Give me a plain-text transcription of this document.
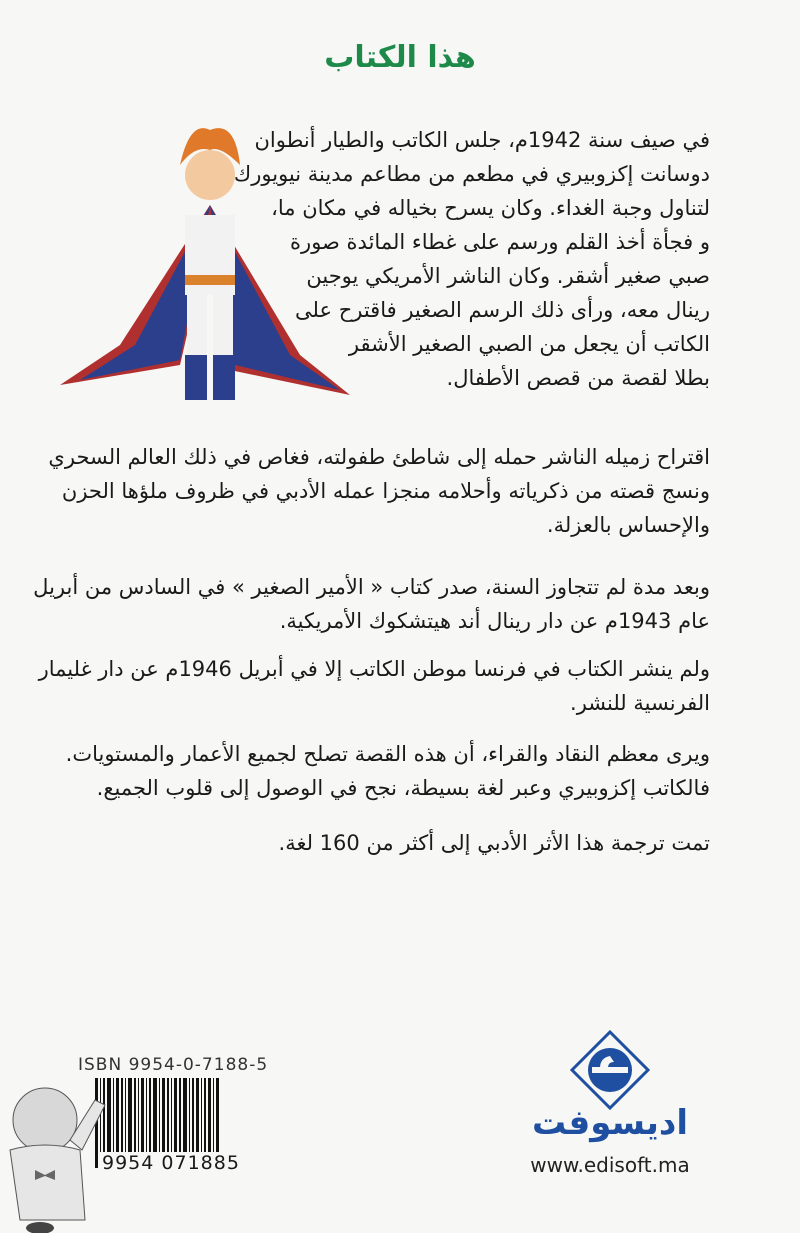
هذا الكتاب
في صيف سنة 1942م، جلس الكاتب والطيار أنطوان
دوسانت إكزوبيري في مطعم من مطاعم مدينة نيويورك
لتناول وجبة الغداء. وكان يسرح بخياله في مكان ما،
و فجأة أخذ القلم ورسم على غطاء المائدة صورة
صبي صغير أشقر. وكان الناشر الأمريكي يوجين
رينال معه، ورأى ذلك الرسم الصغير فاقترح على
الكاتب أن يجعل من الصبي الصغير الأشقر
بطلا لقصة من قصص الأطفال.
اقتراح زميله الناشر حمله إلى شاطئ طفولته، فغاص في ذلك العالم السحري
ونسج قصته من ذكرياته وأحلامه منجزا عمله الأدبي في ظروف ملؤها الحزن
والإحساس بالعزلة.
وبعد مدة لم تتجاوز السنة، صدر كتاب « الأمير الصغير » في السادس من أبريل
عام 1943م عن دار رينال أند هيتشكوك الأمريكية.
ولم ينشر الكتاب في فرنسا موطن الكاتب إلا في أبريل 1946م عن دار غليمار
الفرنسية للنشر.
ويرى معظم النقاد والقراء، أن هذه القصة تصلح لجميع الأعمار والمستويات.
فالكاتب إكزوبيري وعبر لغة بسيطة، نجح في الوصول إلى قلوب الجميع.
تمت ترجمة هذا الأثر الأدبي إلى أكثر من 160 لغة.
ISBN 9954-0-7188-5
9954 071885
اديسوفت
www.edisoft.ma
